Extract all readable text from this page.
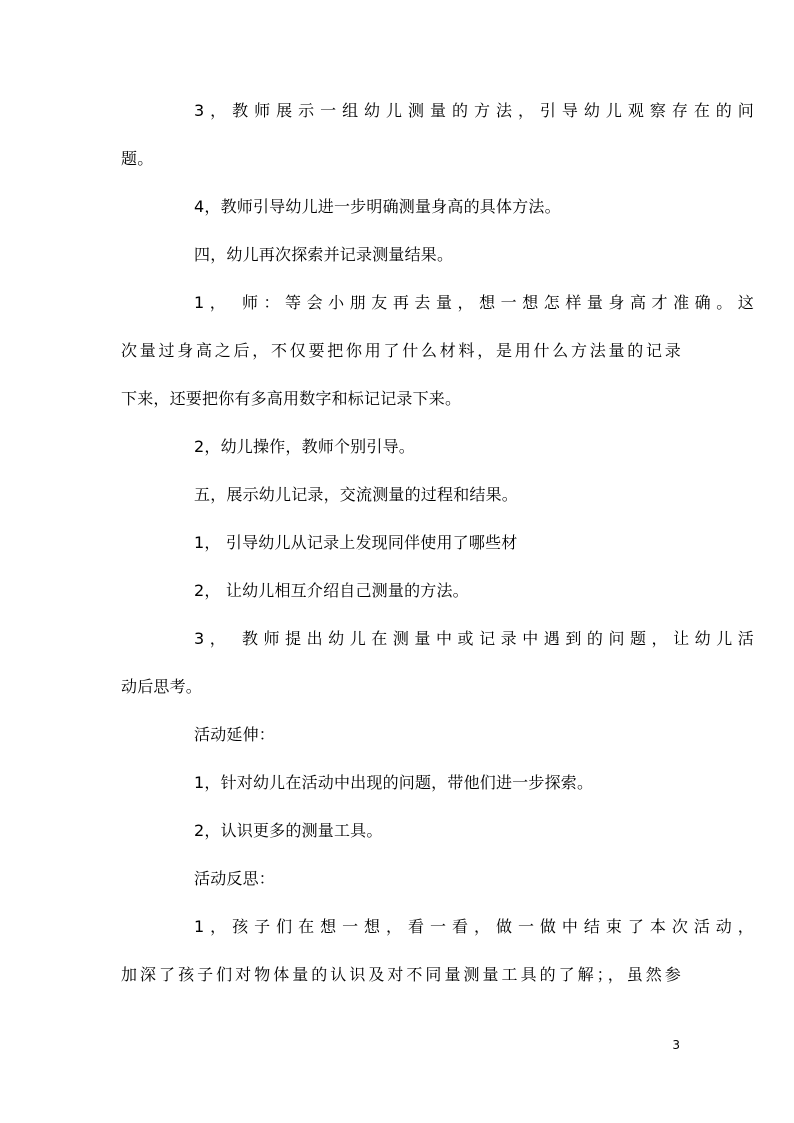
3，教师展示一组幼儿测量的方法，引导幼儿观察存在的问
题。
4，教师引导幼儿进一步明确测量身高的具体方法。
四，幼儿再次探索并记录测量结果。
1， 师：等会小朋友再去量，想一想怎样量身高才准确。这
次量过身高之后，不仅要把你用了什么材料，是用什么方法量的记录
下来，还要把你有多高用数字和标记记录下来。
2，幼儿操作，教师个别引导。
五，展示幼儿记录，交流测量的过程和结果。
1， 引导幼儿从记录上发现同伴使用了哪些材
2， 让幼儿相互介绍自己测量的方法。
3， 教师提出幼儿在测量中或记录中遇到的问题，让幼儿活
动后思考。
活动延伸：
1，针对幼儿在活动中出现的问题，带他们进一步探索。
2，认识更多的测量工具。
活动反思：
1，孩子们在想一想，看一看，做一做中结束了本次活动，
加深了孩子们对物体量的认识及对不同量测量工具的了解；，虽然参
3
